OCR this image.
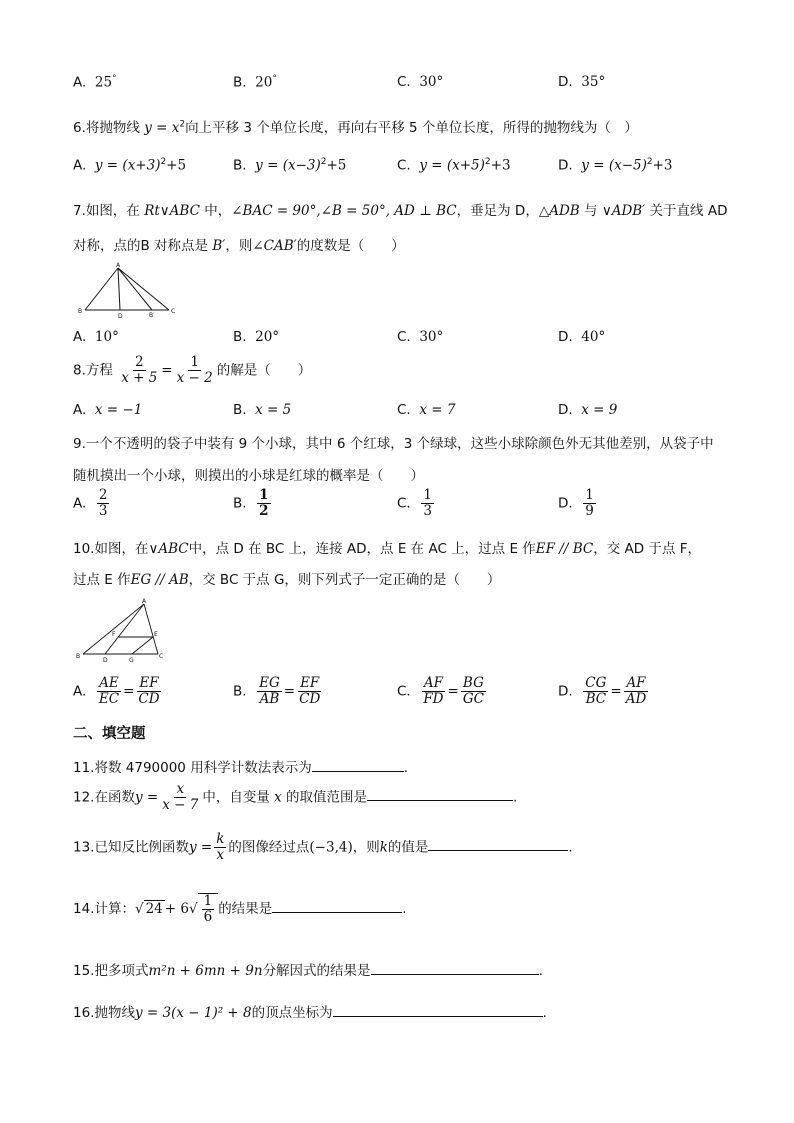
A. 25°	B. 20°	C. 30°	D. 35°
6.将抛物线 $y = x^2$向上平移 3 个单位长度，再向右平移 5 个单位长度，所得的抛物线为（　）
A. $y = (x+3)^2+5$	B. $y = (x-3)^2+5$	C. $y = (x+5)^2+3$	D. $y = (x-5)^2+3$
7.如图，在 Rt∨ABC 中，∠BAC = 90°,∠B = 50°, AD ⊥ BC，垂足为 D，△ADB 与 ∨ADB′ 关于直线 AD
对称，点的B 对称点是 B′，则∠CAB′的度数是（　　）
A
B	C
D	B′
A. 10°	B. 20°	C. 30°	D. 40°
8.方程 $\frac{2}{x + 5} = \frac{1}{x - 2}$ 的解是（　　）
A. x = −1	B. x = 5	C. x = 7	D. x = 9
9.一个不透明的袋子中装有 9 个小球，其中 6 个红球，3 个绿球，这些小球除颜色外无其他差别，从袋子中
随机摸出一个小球，则摸出的小球是红球的概率是（　　）
A. $\frac{2}{3}$	B. $\frac{1}{2}$	C. $\frac{1}{3}$	D. $\frac{1}{9}$
10.如图，在∨ABC中，点 D 在 BC 上，连接 AD，点 E 在 AC 上，过点 E 作EF // BC，交 AD 于点 F，
过点 E 作EG // AB，交 BC 于点 G，则下列式子一定正确的是（　　）
A
B	C
D
E
F
G
A. $\frac{AE}{EC} = \frac{EF}{CD}$	B. $\frac{EG}{AB} = \frac{EF}{CD}$	C. $\frac{AF}{FD} = \frac{BG}{GC}$	D. $\frac{CG}{BC} = \frac{AF}{AD}$
二、填空题
11.将数 4790000 用科学计数法表示为	.
12.在函数$y = \frac{x}{x - 7}$ 中，自变量 x 的取值范围是	.
13.已知反比例函数$y = \frac{k}{x}$ 的图像经过点(−3,4)，则k的值是	.
14.计算：√ $24 + 6√ \frac{1}{6}$ 的结果是	.
15.把多项式m²n + 6mn + 9n分解因式的结果是	.
16.抛物线y = 3(x − 1)² + 8的顶点坐标为	.
